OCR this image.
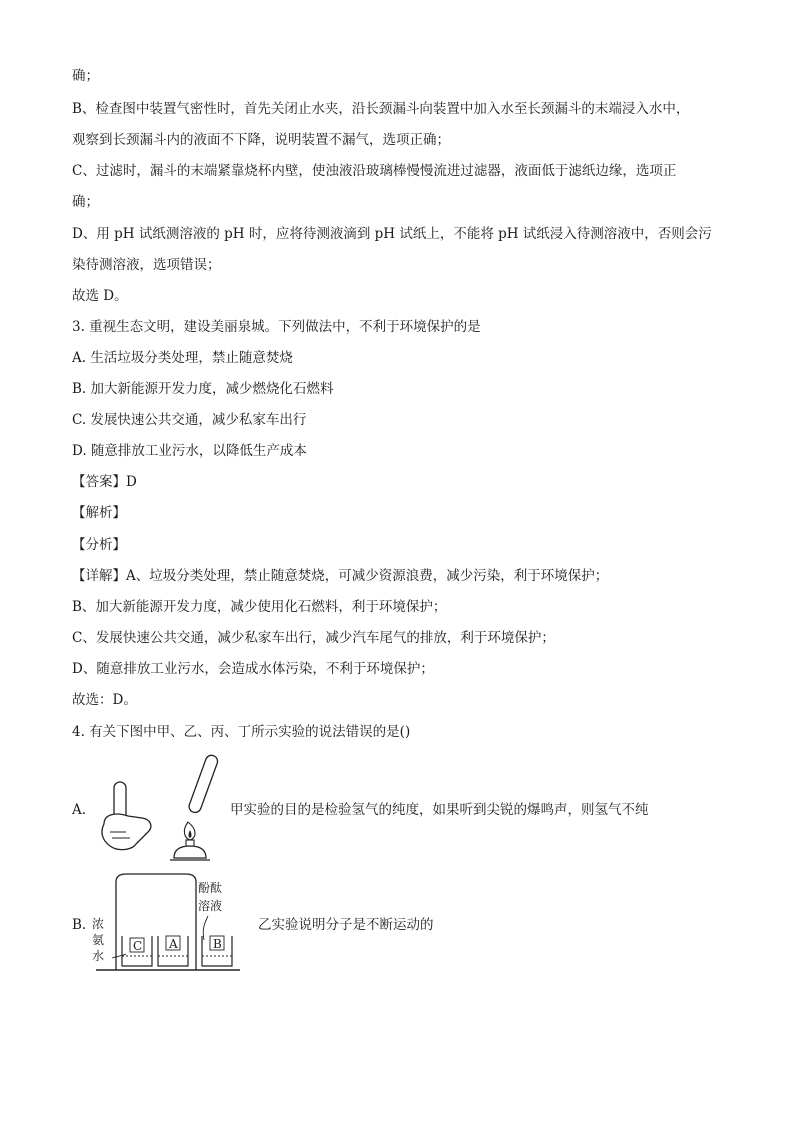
确；
B、检查图中装置气密性时，首先关闭止水夹，沿长颈漏斗向装置中加入水至长颈漏斗的末端浸入水中，
观察到长颈漏斗内的液面不下降，说明装置不漏气，选项正确；
C、过滤时，漏斗的末端紧靠烧杯内壁，使浊液沿玻璃棒慢慢流进过滤器，液面低于滤纸边缘，选项正
确；
D、用 pH 试纸测溶液的 pH 时，应将待测液滴到 pH 试纸上，不能将 pH 试纸浸入待测溶液中，否则会污
染待测溶液，选项错误；
故选 D。
3. 重视生态文明，建设美丽泉城。下列做法中，不利于环境保护的是
A. 生活垃圾分类处理，禁止随意焚烧
B. 加大新能源开发力度，减少燃烧化石燃料
C. 发展快速公共交通，减少私家车出行
D. 随意排放工业污水，以降低生产成本
【答案】D
【解析】
【分析】
【详解】A、垃圾分类处理，禁止随意焚烧，可减少资源浪费，减少污染，利于环境保护；
B、加大新能源开发力度，减少使用化石燃料，利于环境保护；
C、发展快速公共交通，减少私家车出行，减少汽车尾气的排放，利于环境保护；
D、随意排放工业污水，会造成水体污染，不利于环境保护；
故选：D。
4. 有关下图中甲、乙、丙、丁所示实验的说法错误的是()
A.	甲实验的目的是检验氢气的纯度，如果听到尖锐的爆鸣声，则氢气不纯
B.
酚酞
溶液
浓
氨
水
C A	B
乙实验说明分子是不断运动的
